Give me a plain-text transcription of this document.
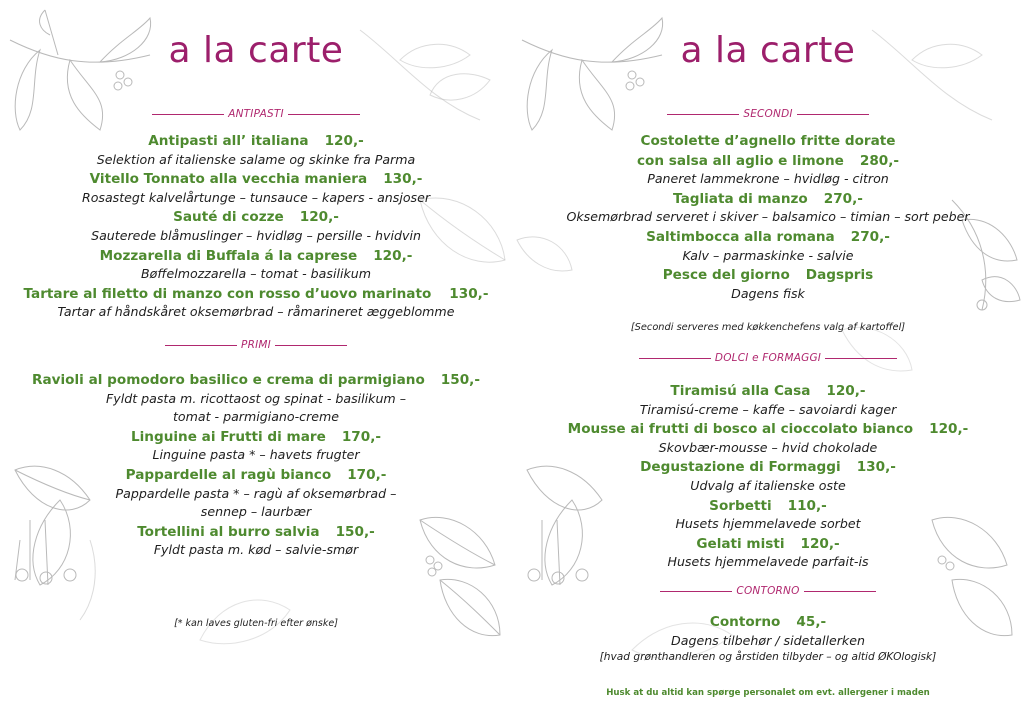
a la carte
ANTIPASTI
Antipasti all’ italiana 120,-
Selektion af italienske salame og skinke fra Parma
Vitello Tonnato alla vecchia maniera 130,-
Rosastegt kalvelårtunge – tunsauce – kapers - ansjoser
Sauté di cozze 120,-
Sauterede blåmuslinger – hvidløg – persille - hvidvin
Mozzarella di Buffala á la caprese 120,-
Bøffelmozzarella – tomat - basilikum
Tartare al filetto di manzo con rosso d’uovo marinato 130,-
Tartar af håndskåret oksemørbrad – råmarineret æggeblomme
PRIMI
Ravioli al pomodoro basilico e crema di parmigiano 150,-
Fyldt pasta m. ricottaost og spinat - basilikum –
tomat - parmigiano-creme
Linguine ai Frutti di mare 170,-
Linguine pasta * – havets frugter
Pappardelle al ragù bianco 170,-
Pappardelle pasta * – ragù af oksemørbrad –
sennep – laurbær
Tortellini al burro salvia 150,-
Fyldt pasta m. kød – salvie-smør
[* kan laves gluten-fri efter ønske]
a la carte
SECONDI
Costolette d’agnello fritte dorate
con salsa all aglio e limone 280,-
Paneret lammekrone – hvidløg - citron
Tagliata di manzo 270,-
Oksemørbrad serveret i skiver – balsamico – timian – sort peber
Saltimbocca alla romana 270,-
Kalv – parmaskinke - salvie
Pesce del giorno Dagspris
Dagens fisk
[Secondi serveres med køkkenchefens valg af kartoffel]
DOLCI e FORMAGGI
Tiramisú alla Casa 120,-
Tiramisú-creme – kaffe – savoiardi kager
Mousse ai frutti di bosco al cioccolato bianco 120,-
Skovbær-mousse – hvid chokolade
Degustazione di Formaggi 130,-
Udvalg af italienske oste
Sorbetti 110,-
Husets hjemmelavede sorbet
Gelati misti 120,-
Husets hjemmelavede parfait-is
CONTORNO
Contorno 45,-
Dagens tilbehør / sidetallerken
[hvad grønthandleren og årstiden tilbyder – og altid ØKOlogisk]
Husk at du altid kan spørge personalet om evt. allergener i maden
